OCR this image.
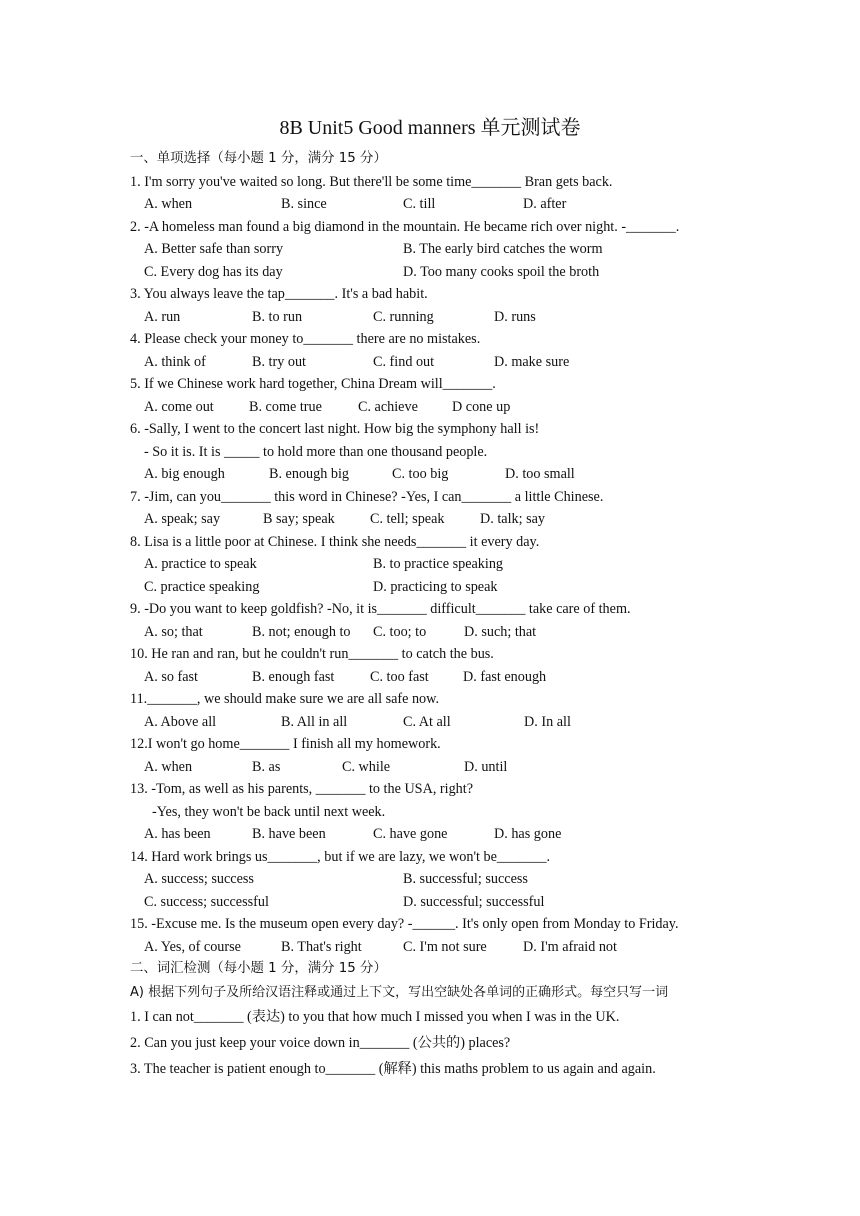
8B Unit5 Good manners 单元测试卷
一、单项选择（每小题 1 分，满分 15 分）
1. I'm sorry you've waited so long. But there'll be some time_______ Bran gets back.
A. when	B. since	C. till	D. after
2. -A homeless man found a big diamond in the mountain. He became rich over night. -_______.
A. Better safe than sorry	B. The early bird catches the worm
C. Every dog has its day	D. Too many cooks spoil the broth
3. You always leave the tap_______. It's a bad habit.
A. run	B. to run	C. running	D. runs
4. Please check your money to_______ there are no mistakes.
A. think of	B. try out	C. find out	D. make sure
5. If we Chinese work hard together, China Dream will_______.
A. come out B. come true	C. achieve D cone up
6. -Sally, I went to the concert last night. How big the symphony hall is!
- So it is. It is _____ to hold more than one thousand people.
A. big enough	B. enough big	C. too big	D. too small
7. -Jim, can you_______ this word in Chinese? -Yes, I can_______ a little Chinese.
A. speak; say	B say; speak C. tell; speak	D. talk; say
8. Lisa is a little poor at Chinese. I think she needs_______ it every day.
A. practice to speak	B. to practice speaking
C. practice speaking	D. practicing to speak
9. -Do you want to keep goldfish? -No, it is_______ difficult_______ take care of them.
A. so; that	B. not; enough to C. too; to	D. such; that
10. He ran and ran, but he couldn't run_______ to catch the bus.
A. so fast	B. enough fast	C. too fast D. fast enough
11._______, we should make sure we are all safe now.
A. Above all	B. All in all	C. At all	D. In all
12.I won't go home_______ I finish all my homework.
A. when	B. as	C. while	D. until
13. -Tom, as well as his parents, _______ to the USA, right?
-Yes, they won't be back until next week.
A. has been	B. have been	C. have gone	D. has gone
14. Hard work brings us_______, but if we are lazy, we won't be_______.
A. success; success	B. successful; success
C. success; successful	D. successful; successful
15. -Excuse me. Is the museum open every day? -______. It's only open from Monday to Friday.
A. Yes, of course	B. That's right	C. I'm not sure	D. I'm afraid not
二、词汇检测（每小题 1 分，满分 15 分）
A) 根据下列句子及所给汉语注释或通过上下文，写出空缺处各单词的正确形式。每空只写一词
1. I can not_______ (表达) to you that how much I missed you when I was in the UK.
2. Can you just keep your voice down in_______ (公共的) places?
3. The teacher is patient enough to_______ (解释) this maths problem to us again and again.
